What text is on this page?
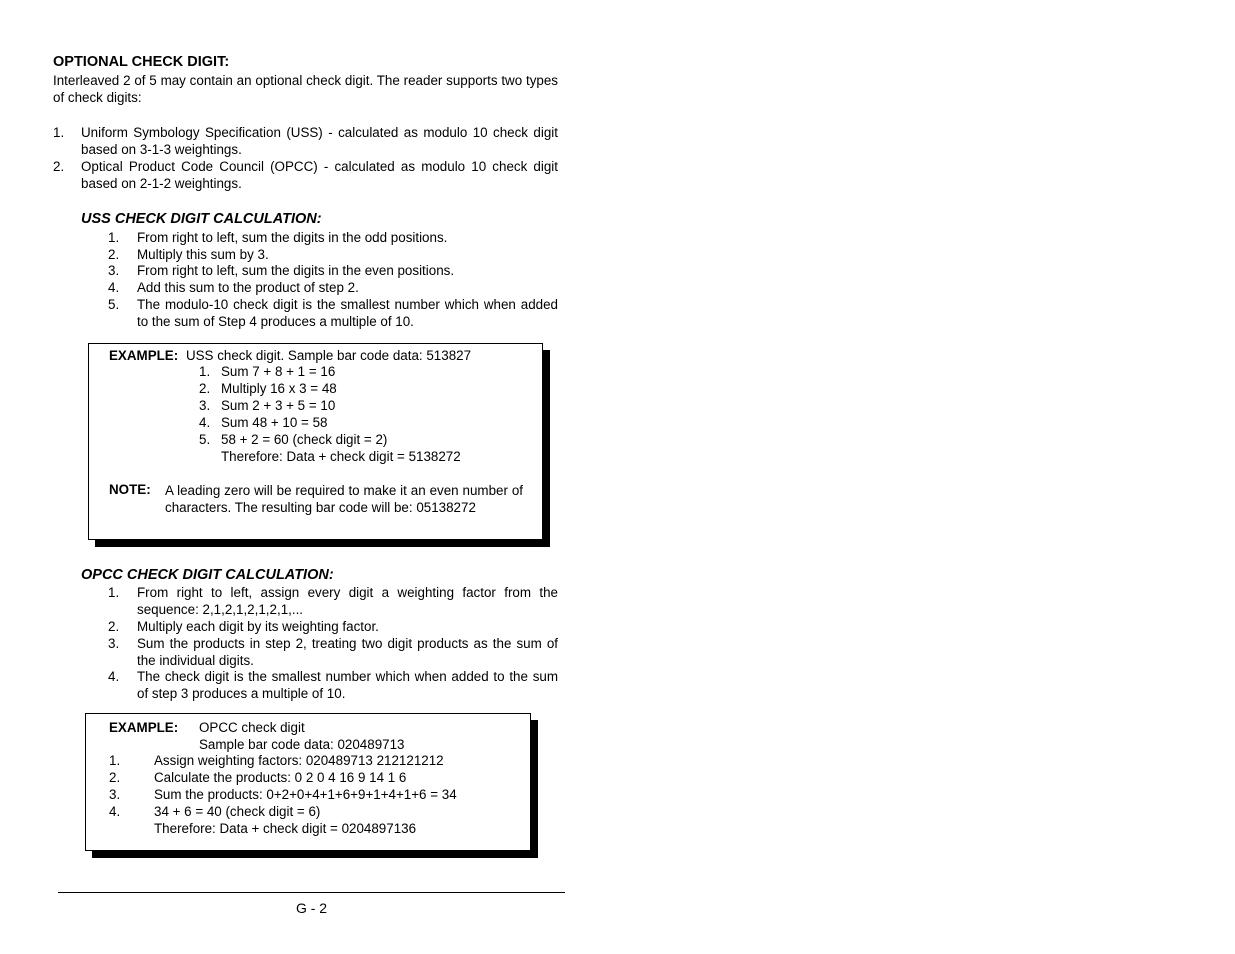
OPTIONAL CHECK DIGIT:
Interleaved 2 of 5 may contain an optional check digit. The reader supports two types of check digits:
1. Uniform Symbology Specification (USS) - calculated as modulo 10 check digit based on 3-1-3 weightings.
2. Optical Product Code Council (OPCC) - calculated as modulo 10 check digit based on 2-1-2 weightings.
USS CHECK DIGIT CALCULATION:
1. From right to left, sum the digits in the odd positions.
2. Multiply this sum by 3.
3. From right to left, sum the digits in the even positions.
4. Add this sum to the product of step 2.
5. The modulo-10 check digit is the smallest number which when added to the sum of Step 4 produces a multiple of 10.
EXAMPLE: USS check digit. Sample bar code data: 513827
1. Sum 7 + 8 + 1 = 16
2. Multiply 16 x 3 = 48
3. Sum 2 + 3 + 5 = 10
4. Sum 48 + 10 = 58
5. 58 + 2 = 60 (check digit = 2)
Therefore: Data + check digit = 5138272
NOTE: A leading zero will be required to make it an even number of characters. The resulting bar code will be: 05138272
OPCC CHECK DIGIT CALCULATION:
1. From right to left, assign every digit a weighting factor from the sequence: 2,1,2,1,2,1,2,1,...
2. Multiply each digit by its weighting factor.
3. Sum the products in step 2, treating two digit products as the sum of the individual digits.
4. The check digit is the smallest number which when added to the sum of step 3 produces a multiple of 10.
EXAMPLE: OPCC check digit
Sample bar code data: 020489713
1.	Assign weighting factors: 020489713 212121212
2.	Calculate the products: 0 2 0 4 16 9 14 1 6
3.	Sum the products: 0+2+0+4+1+6+9+1+4+1+6 = 34
4.	34 + 6 = 40 (check digit = 6)
Therefore: Data + check digit = 0204897136
G - 2
